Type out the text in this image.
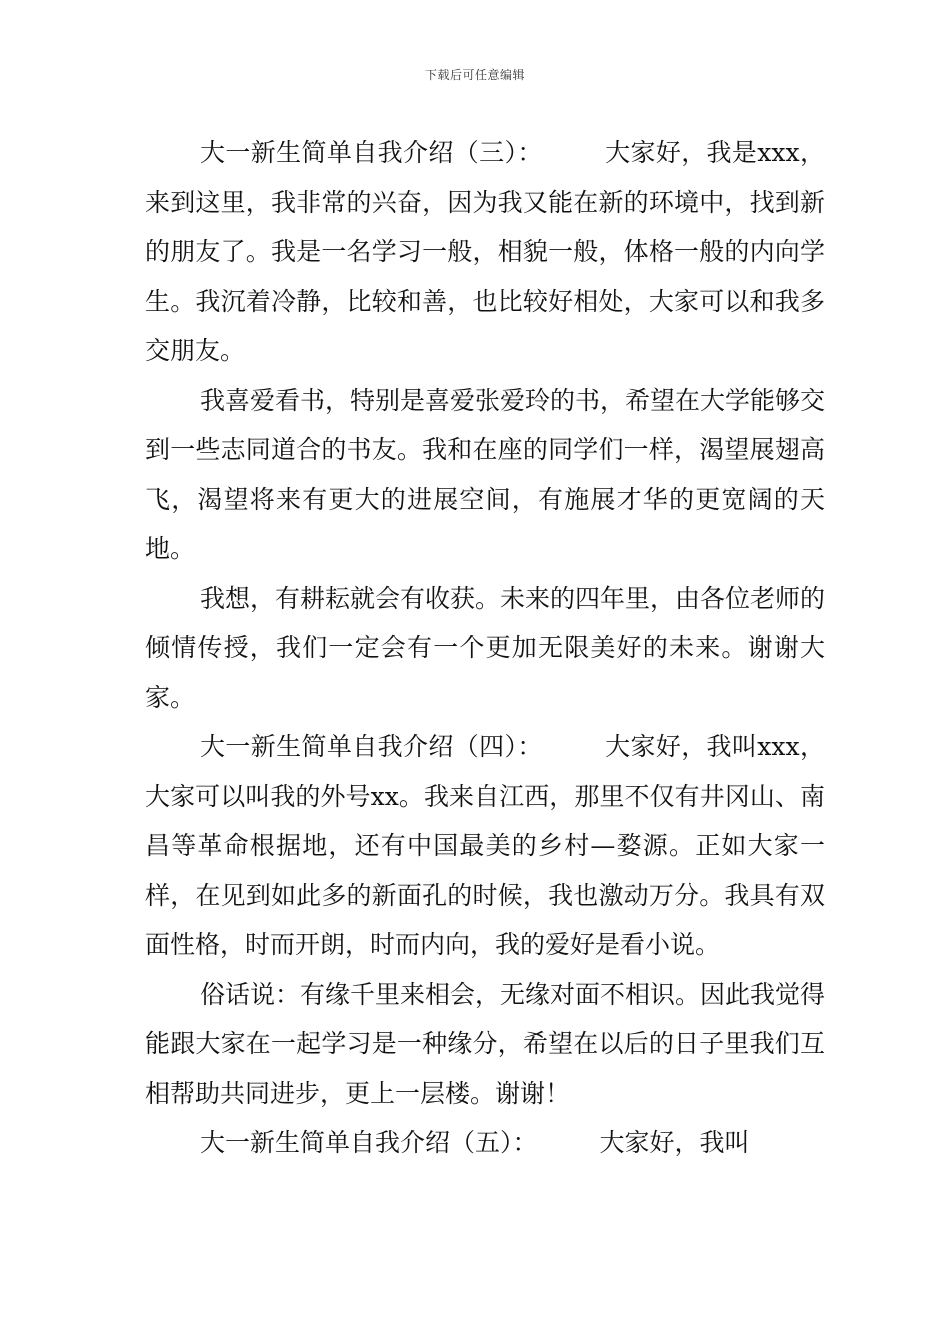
下载后可任意编辑

大一新生简单自我介绍（三）： 大家好，我是xxx，来到这里，我非常的兴奋，因为我又能在新的环境中，找到新的朋友了。我是一名学习一般，相貌一般，体格一般的内向学生。我沉着冷静，比较和善，也比较好相处，大家可以和我多交朋友。

我喜爱看书，特别是喜爱张爱玲的书，希望在大学能够交到一些志同道合的书友。我和在座的同学们一样，渴望展翅高飞，渴望将来有更大的进展空间，有施展才华的更宽阔的天地。

我想，有耕耘就会有收获。未来的四年里，由各位老师的倾情传授，我们一定会有一个更加无限美好的未来。谢谢大家。

大一新生简单自我介绍（四）： 大家好，我叫xxx，大家可以叫我的外号xx。我来自江西，那里不仅有井冈山、南昌等革命根据地，还有中国最美的乡村—婺源。正如大家一样，在见到如此多的新面孔的时候，我也激动万分。我具有双面性格，时而开朗，时而内向，我的爱好是看小说。

俗话说：有缘千里来相会，无缘对面不相识。因此我觉得能跟大家在一起学习是一种缘分，希望在以后的日子里我们互相帮助共同进步，更上一层楼。谢谢！

大一新生简单自我介绍（五）： 大家好，我叫
